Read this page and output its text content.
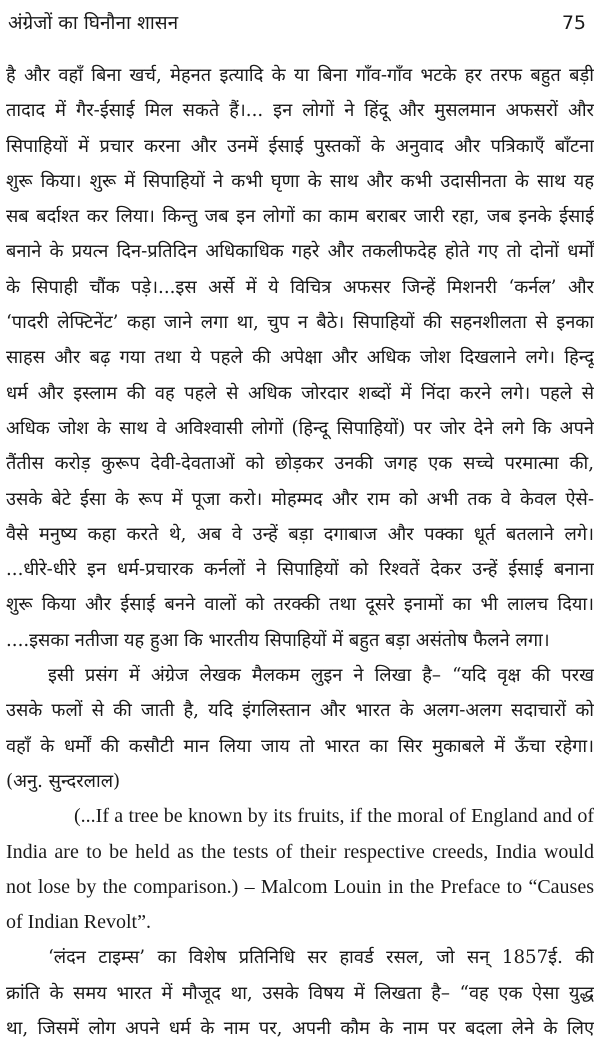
अंग्रेजों का घिनौना शासन	75
है और वहाँ बिना खर्च, मेहनत इत्यादि के या बिना गाँव-गाँव भटके हर तरफ बहुत बड़ी
तादाद में गैर-ईसाई मिल सकते हैं।... इन लोगों ने हिंदू और मुसलमान अफसरों और
सिपाहियों में प्रचार करना और उनमें ईसाई पुस्तकों के अनुवाद और पत्रिकाएँ बाँटना
शुरू किया। शुरू में सिपाहियों ने कभी घृणा के साथ और कभी उदासीनता के साथ यह
सब बर्दाश्त कर लिया। किन्तु जब इन लोगों का काम बराबर जारी रहा, जब इनके ईसाई
बनाने के प्रयत्न दिन-प्रतिदिन अधिकाधिक गहरे और तकलीफदेह होते गए तो दोनों धर्मों
के सिपाही चौंक पड़े।...इस अर्से में ये विचित्र अफसर जिन्हें मिशनरी ‘कर्नल’ और
‘पादरी लेफ्टिनेंट’ कहा जाने लगा था, चुप न बैठे। सिपाहियों की सहनशीलता से इनका
साहस और बढ़ गया तथा ये पहले की अपेक्षा और अधिक जोश दिखलाने लगे। हिन्दू
धर्म और इस्लाम की वह पहले से अधिक जोरदार शब्दों में निंदा करने लगे। पहले से
अधिक जोश के साथ वे अविश्वासी लोगों (हिन्दू सिपाहियों) पर जोर देने लगे कि अपने
तैंतीस करोड़ कुरूप देवी-देवताओं को छोड़कर उनकी जगह एक सच्चे परमात्मा की,
उसके बेटे ईसा के रूप में पूजा करो। मोहम्मद और राम को अभी तक वे केवल ऐसे-
वैसे मनुष्य कहा करते थे, अब वे उन्हें बड़ा दगाबाज और पक्का धूर्त बतलाने लगे।
...धीरे-धीरे इन धर्म-प्रचारक कर्नलों ने सिपाहियों को रिश्वतें देकर उन्हें ईसाई बनाना
शुरू किया और ईसाई बनने वालों को तरक्की तथा दूसरे इनामों का भी लालच दिया।
....इसका नतीजा यह हुआ कि भारतीय सिपाहियों में बहुत बड़ा असंतोष फैलने लगा।
इसी प्रसंग में अंग्रेज लेखक मैलकम लुइन ने लिखा है– “यदि वृक्ष की परख
उसके फलों से की जाती है, यदि इंगलिस्तान और भारत के अलग-अलग सदाचारों को
वहाँ के धर्मों की कसौटी मान लिया जाय तो भारत का सिर मुकाबले में ऊँचा रहेगा।
(अनु. सुन्दरलाल)
(...If a tree be known by its fruits, if the moral of England and of
India are to be held as the tests of their respective creeds, India would
not lose by the comparison.) – Malcom Louin in the Preface to “Causes
of Indian Revolt”.
‘लंदन टाइम्स’ का विशेष प्रतिनिधि सर हावर्ड रसल, जो सन् 1857ई. की
क्रांति के समय भारत में मौजूद था, उसके विषय में लिखता है– “वह एक ऐसा युद्ध
था, जिसमें लोग अपने धर्म के नाम पर, अपनी कौम के नाम पर बदला लेने के लिए
